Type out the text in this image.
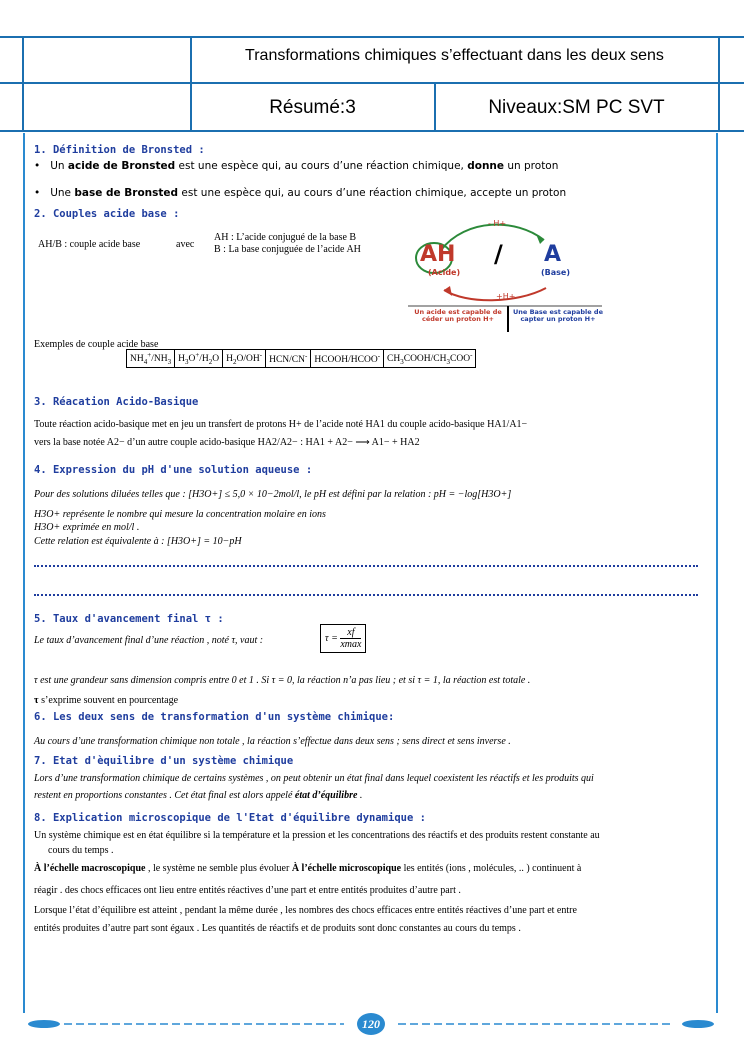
Transformations chimiques s’effectuant dans les deux sens
Résumé:3	Niveaux:SM PC SVT
1. Définition de Bronsted :
•   Un acide de Bronsted est une espèce qui, au cours d’une réaction chimique, donne un proton
•   Une base de Bronsted est une espèce qui, au cours d’une réaction chimique, accepte un proton
2. Couples acide base :
AH/B : couple acide base	avec
AH : L’acide conjugué de la base B
B : La base conjuguée de l’acide AH
- H+
AH / A
(Acide)	(Base)
+H+
Un acide est capable de céder un proton H+
Une Base est capable de capter un proton H+
Exemples de couple acide base
$NH_4^+/NH_3$	$H_3O^+/H_2O$	$H_2O/OH^-$	HCN/CN-	HCOOH/HCOO-	$CH_3COOH/CH_3COO^-$
3. Réacation Acido-Basique
Toute réaction acido-basique met en jeu un transfert de protons H+ de l’acide noté HA1 du couple acido-basique HA1/A1−
vers la base notée A2− d’un autre couple acido-basique HA2/A2− : HA1 + A2− ⟶ A1− + HA2
4. Expression du pH d'une solution aqueuse :
Pour des solutions diluées telles que : [H3O+] ≤ 5,0 × 10−2mol/l, le pH est défini par la relation : pH = −log[H3O+]
H3O+ représente le nombre qui mesure la concentration molaire en ions
H3O+ exprimée en mol/l .
Cette relation est équivalente à : [H3O+] = 10−pH
5. Taux d'avancement final τ :
Le taux d’avancement final d’une réaction , noté τ, vaut :	$\tau = \frac{xf}{xmax}$
τ est une grandeur sans dimension compris entre 0 et 1 . Si τ = 0, la réaction n’a pas lieu ; et si τ = 1, la réaction est totale .
τ s’exprime souvent en pourcentage
6. Les deux sens de transformation d'un système chimique:
Au cours d’une transformation chimique non totale , la réaction s’effectue dans deux sens ; sens direct et sens inverse .
7. Etat d'èquilibre d'un système chimique
Lors d’une transformation chimique de certains systèmes , on peut obtenir un état final dans lequel coexistent les réactifs et les produits qui
restent en proportions constantes . Cet état final est alors appelé état d’équilibre .
8. Explication microscopique de l'Etat d'équilibre dynamique :
Un système chimique est en état équilibre si la température et la pression et les concentrations des réactifs et des produits restent constante au
cours du temps .
À l’échelle macroscopique , le système ne semble plus évoluer À l’échelle microscopique les entités (ions , molécules, .. ) continuent à
réagir . des chocs efficaces ont lieu entre entités réactives d’une part et entre entités produites d’autre part .
Lorsque l’état d’équilibre est atteint , pendant la même durée , les nombres des chocs efficaces entre entités réactives d’une part et entre
entités produites d’autre part sont égaux . Les quantités de réactifs et de produits sont donc constantes au cours du temps .
120
